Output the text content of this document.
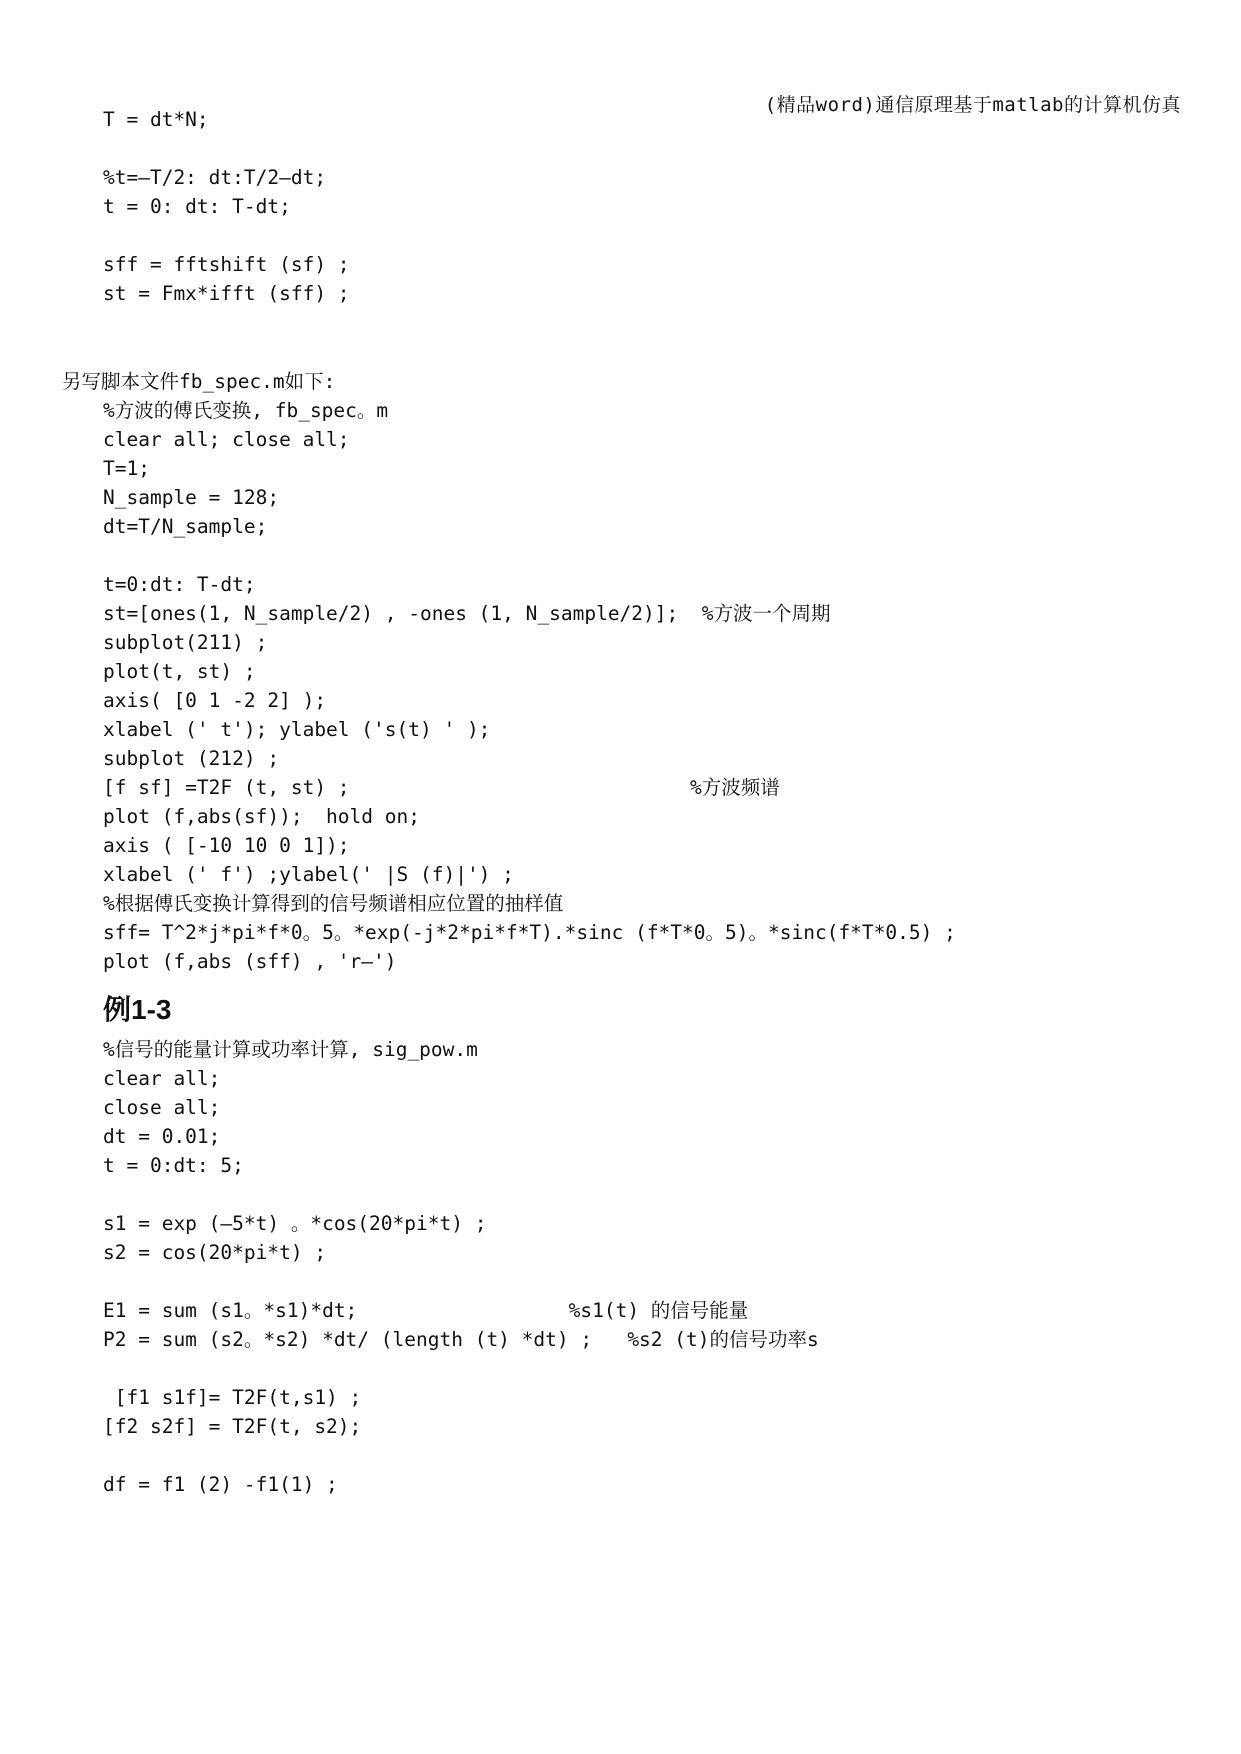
(精品word)通信原理基于matlab的计算机仿真
T = dt*N;
%t=—T/2: dt:T/2—dt;
t = 0: dt: T-dt;
sff = fftshift (sf) ;
st = Fmx*ifft (sff) ;
另写脚本文件fb_spec.m如下:
%方波的傅氏变换, fb_spec。m
clear all; close all;
T=1;
N_sample = 128;
dt=T/N_sample;
t=0:dt: T-dt;
st=[ones(1, N_sample/2) , -ones (1, N_sample/2)];  %方波一个周期
subplot(211) ;
plot(t, st) ;
axis( [0 1 -2 2] );
xlabel (' t'); ylabel ('s(t) ' );
subplot (212) ;
[f sf] =T2F (t, st) ;                             %方波频谱
plot (f,abs(sf));  hold on;
axis ( [-10 10 0 1]);
xlabel (' f') ;ylabel(' |S (f)|') ;
%根据傅氏变换计算得到的信号频谱相应位置的抽样值
sff= T^2*j*pi*f*0。5。*exp(-j*2*pi*f*T).*sinc (f*T*0。5)。*sinc(f*T*0.5) ;
plot (f,abs (sff) , 'r—')
例1-3
%信号的能量计算或功率计算, sig_pow.m
clear all;
close all;
dt = 0.01;
t = 0:dt: 5;
s1 = exp (—5*t) 。*cos(20*pi*t) ;
s2 = cos(20*pi*t) ;
E1 = sum (s1。*s1)*dt;                  %s1(t) 的信号能量
P2 = sum (s2。*s2) *dt/ (length (t) *dt) ;   %s2 (t)的信号功率s
[f1 s1f]= T2F(t,s1) ;
[f2 s2f] = T2F(t, s2);
df = f1 (2) -f1(1) ;
